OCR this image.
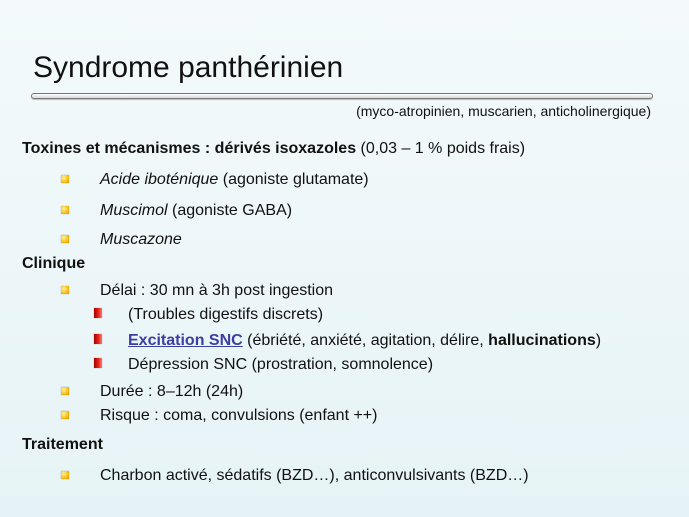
Syndrome panthérinien
(myco-atropinien, muscarien, anticholinergique)
Toxines et mécanismes : dérivés isoxazoles (0,03 – 1 % poids frais)
Acide iboténique (agoniste glutamate)
Muscimol (agoniste GABA)
Muscazone
Clinique
Délai : 30 mn à 3h post ingestion
(Troubles digestifs discrets)
Excitation SNC (ébriété, anxiété, agitation, délire, hallucinations)
Dépression SNC (prostration, somnolence)
Durée : 8–12h (24h)
Risque : coma, convulsions (enfant ++)
Traitement
Charbon activé, sédatifs (BZD…), anticonvulsivants (BZD…)
